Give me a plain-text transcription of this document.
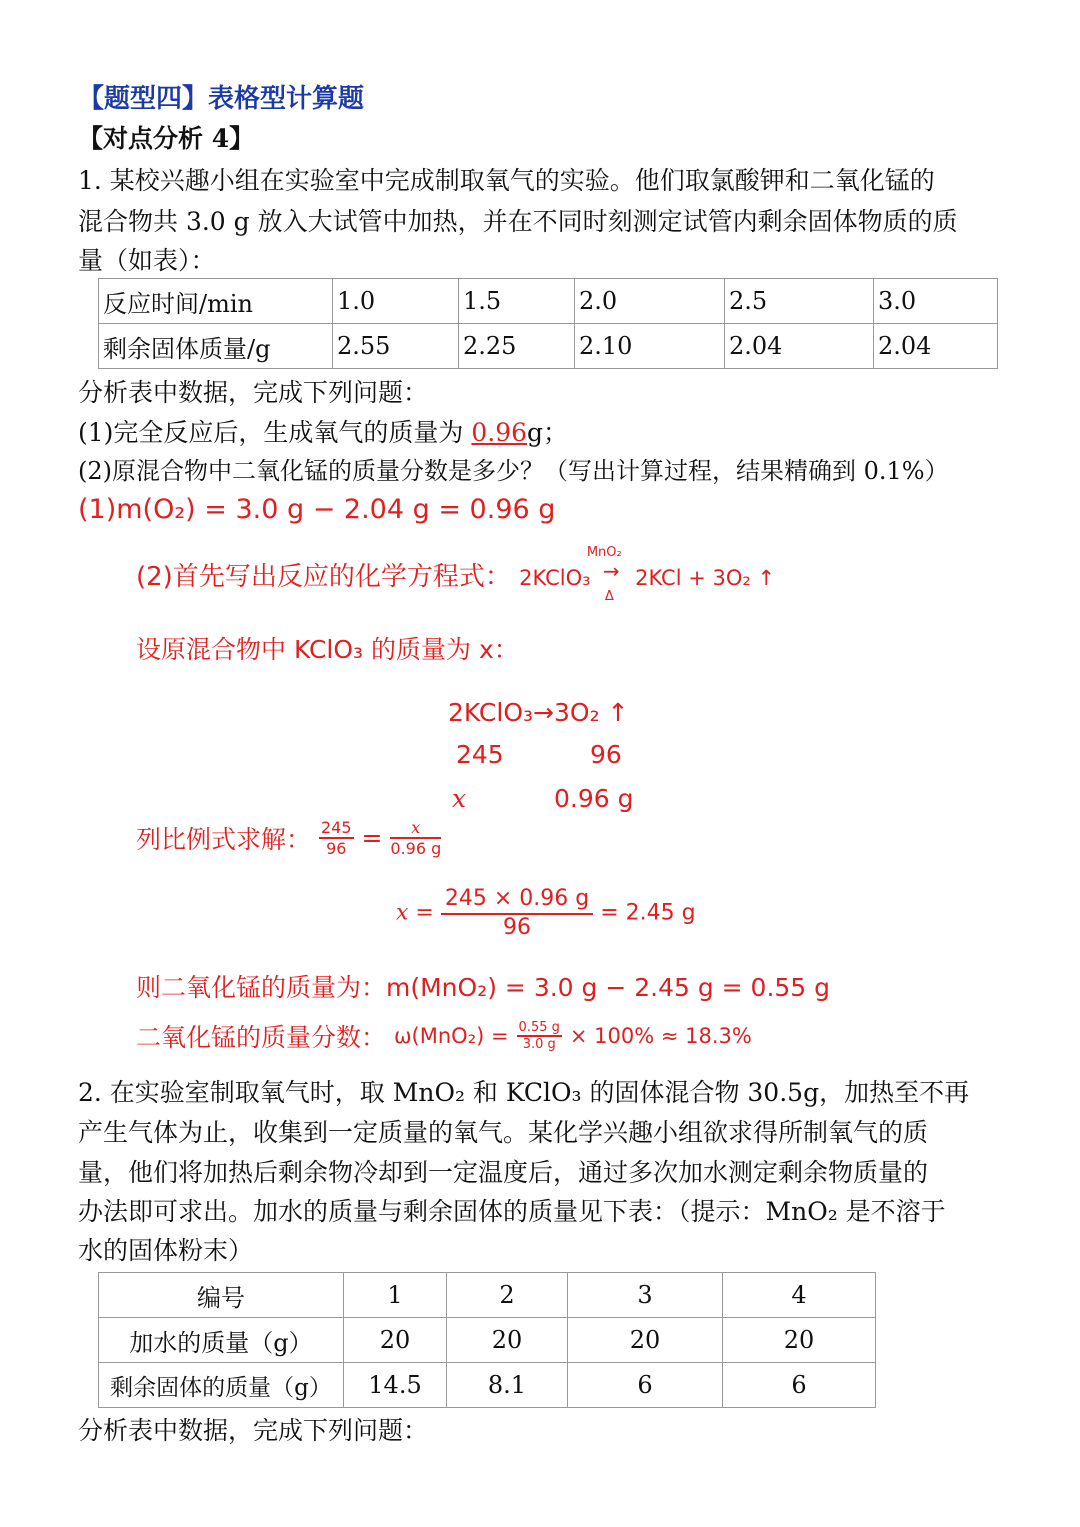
【题型四】表格型计算题
【对点分析 4】
1. 某校兴趣小组在实验室中完成制取氧气的实验。他们取氯酸钾和二氧化锰的
混合物共 3.0 g 放入大试管中加热，并在不同时刻测定试管内剩余固体物质的质
量（如表）：
反应时间/min	1.0	1.5	2.0	2.5	3.0
剩余固体质量/g	2.55	2.25	2.10	2.04	2.04
分析表中数据，完成下列问题：
(1)完全反应后，生成氧气的质量为 0.96g；
(2)原混合物中二氧化锰的质量分数是多少？（写出计算过程，结果精确到 0.1%）
(1)m(O₂) = 3.0 g − 2.04 g = 0.96 g
(2)首先写出反应的化学方程式： 2KClO₃
MnO₂
→
Δ
2KCl + 3O₂ ↑
设原混合物中 KClO₃ 的质量为 x：
2KClO₃→3O₂ ↑
245	96
x	0.96 g
列比例式求解： $\frac{245}{96} = \frac{x}{0.96 g}$
$x = \frac{245 \times 0.96 g}{96} = 2.45$ g
则二氧化锰的质量为：m(MnO₂) = 3.0 g − 2.45 g = 0.55 g
二氧化锰的质量分数： $\omega(MnO_2) = \frac{0.55 g}{3.0 g} \times 100\% \approx 18.3\%$
2. 在实验室制取氧气时，取 MnO₂ 和 KClO₃ 的固体混合物 30.5g，加热至不再
产生气体为止，收集到一定质量的氧气。某化学兴趣小组欲求得所制氧气的质
量，他们将加热后剩余物冷却到一定温度后，通过多次加水测定剩余物质量的
办法即可求出。加水的质量与剩余固体的质量见下表：（提示：MnO₂ 是不溶于
水的固体粉末）
编号	1	2	3	4
加水的质量（g）	20	20	20	20
剩余固体的质量（g）	14.5	8.1	6	6
分析表中数据，完成下列问题：
